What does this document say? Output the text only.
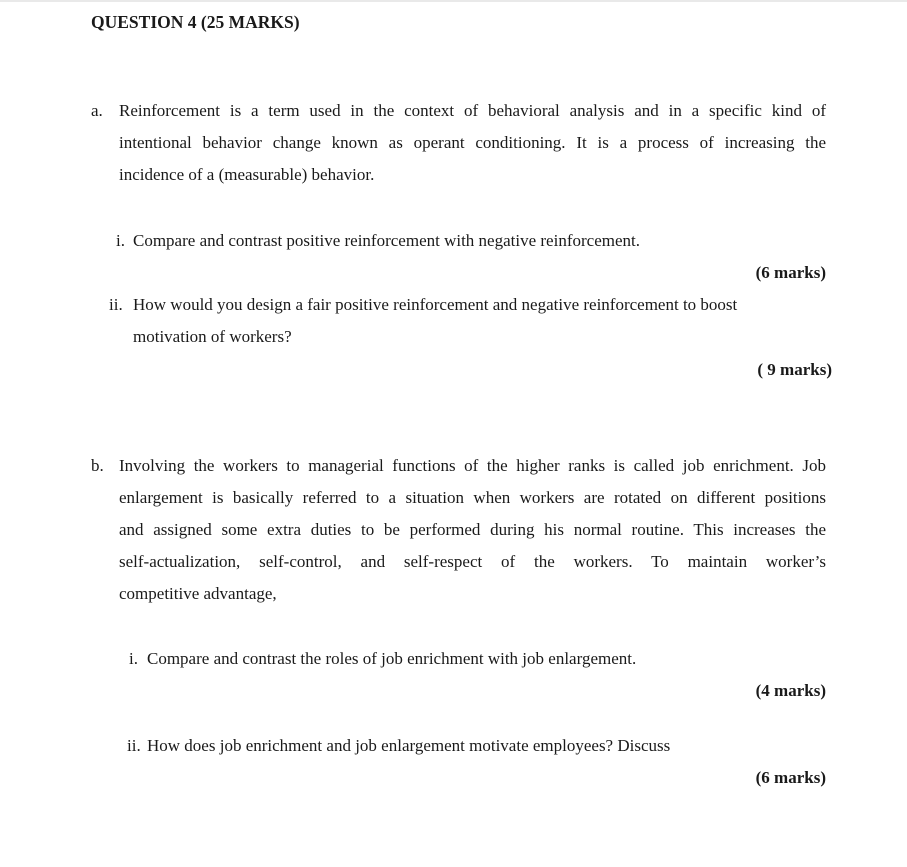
QUESTION 4 (25 MARKS)
a. Reinforcement is a term used in the context of behavioral analysis and in a specific kind of
intentional behavior change known as operant conditioning. It is a process of increasing the
incidence of a (measurable) behavior.
i. Compare and contrast positive reinforcement with negative reinforcement.
(6 marks)
ii. How would you design a fair positive reinforcement and negative reinforcement to boost
motivation of workers?
( 9 marks)
b. Involving the workers to managerial functions of the higher ranks is called job enrichment. Job
enlargement is basically referred to a situation when workers are rotated on different positions
and assigned some extra duties to be performed during his normal routine. This increases the
self-actualization, self-control, and self-respect of the workers. To maintain worker’s
competitive advantage,
i. Compare and contrast the roles of job enrichment with job enlargement.
(4 marks)
ii. How does job enrichment and job enlargement motivate employees? Discuss
(6 marks)
